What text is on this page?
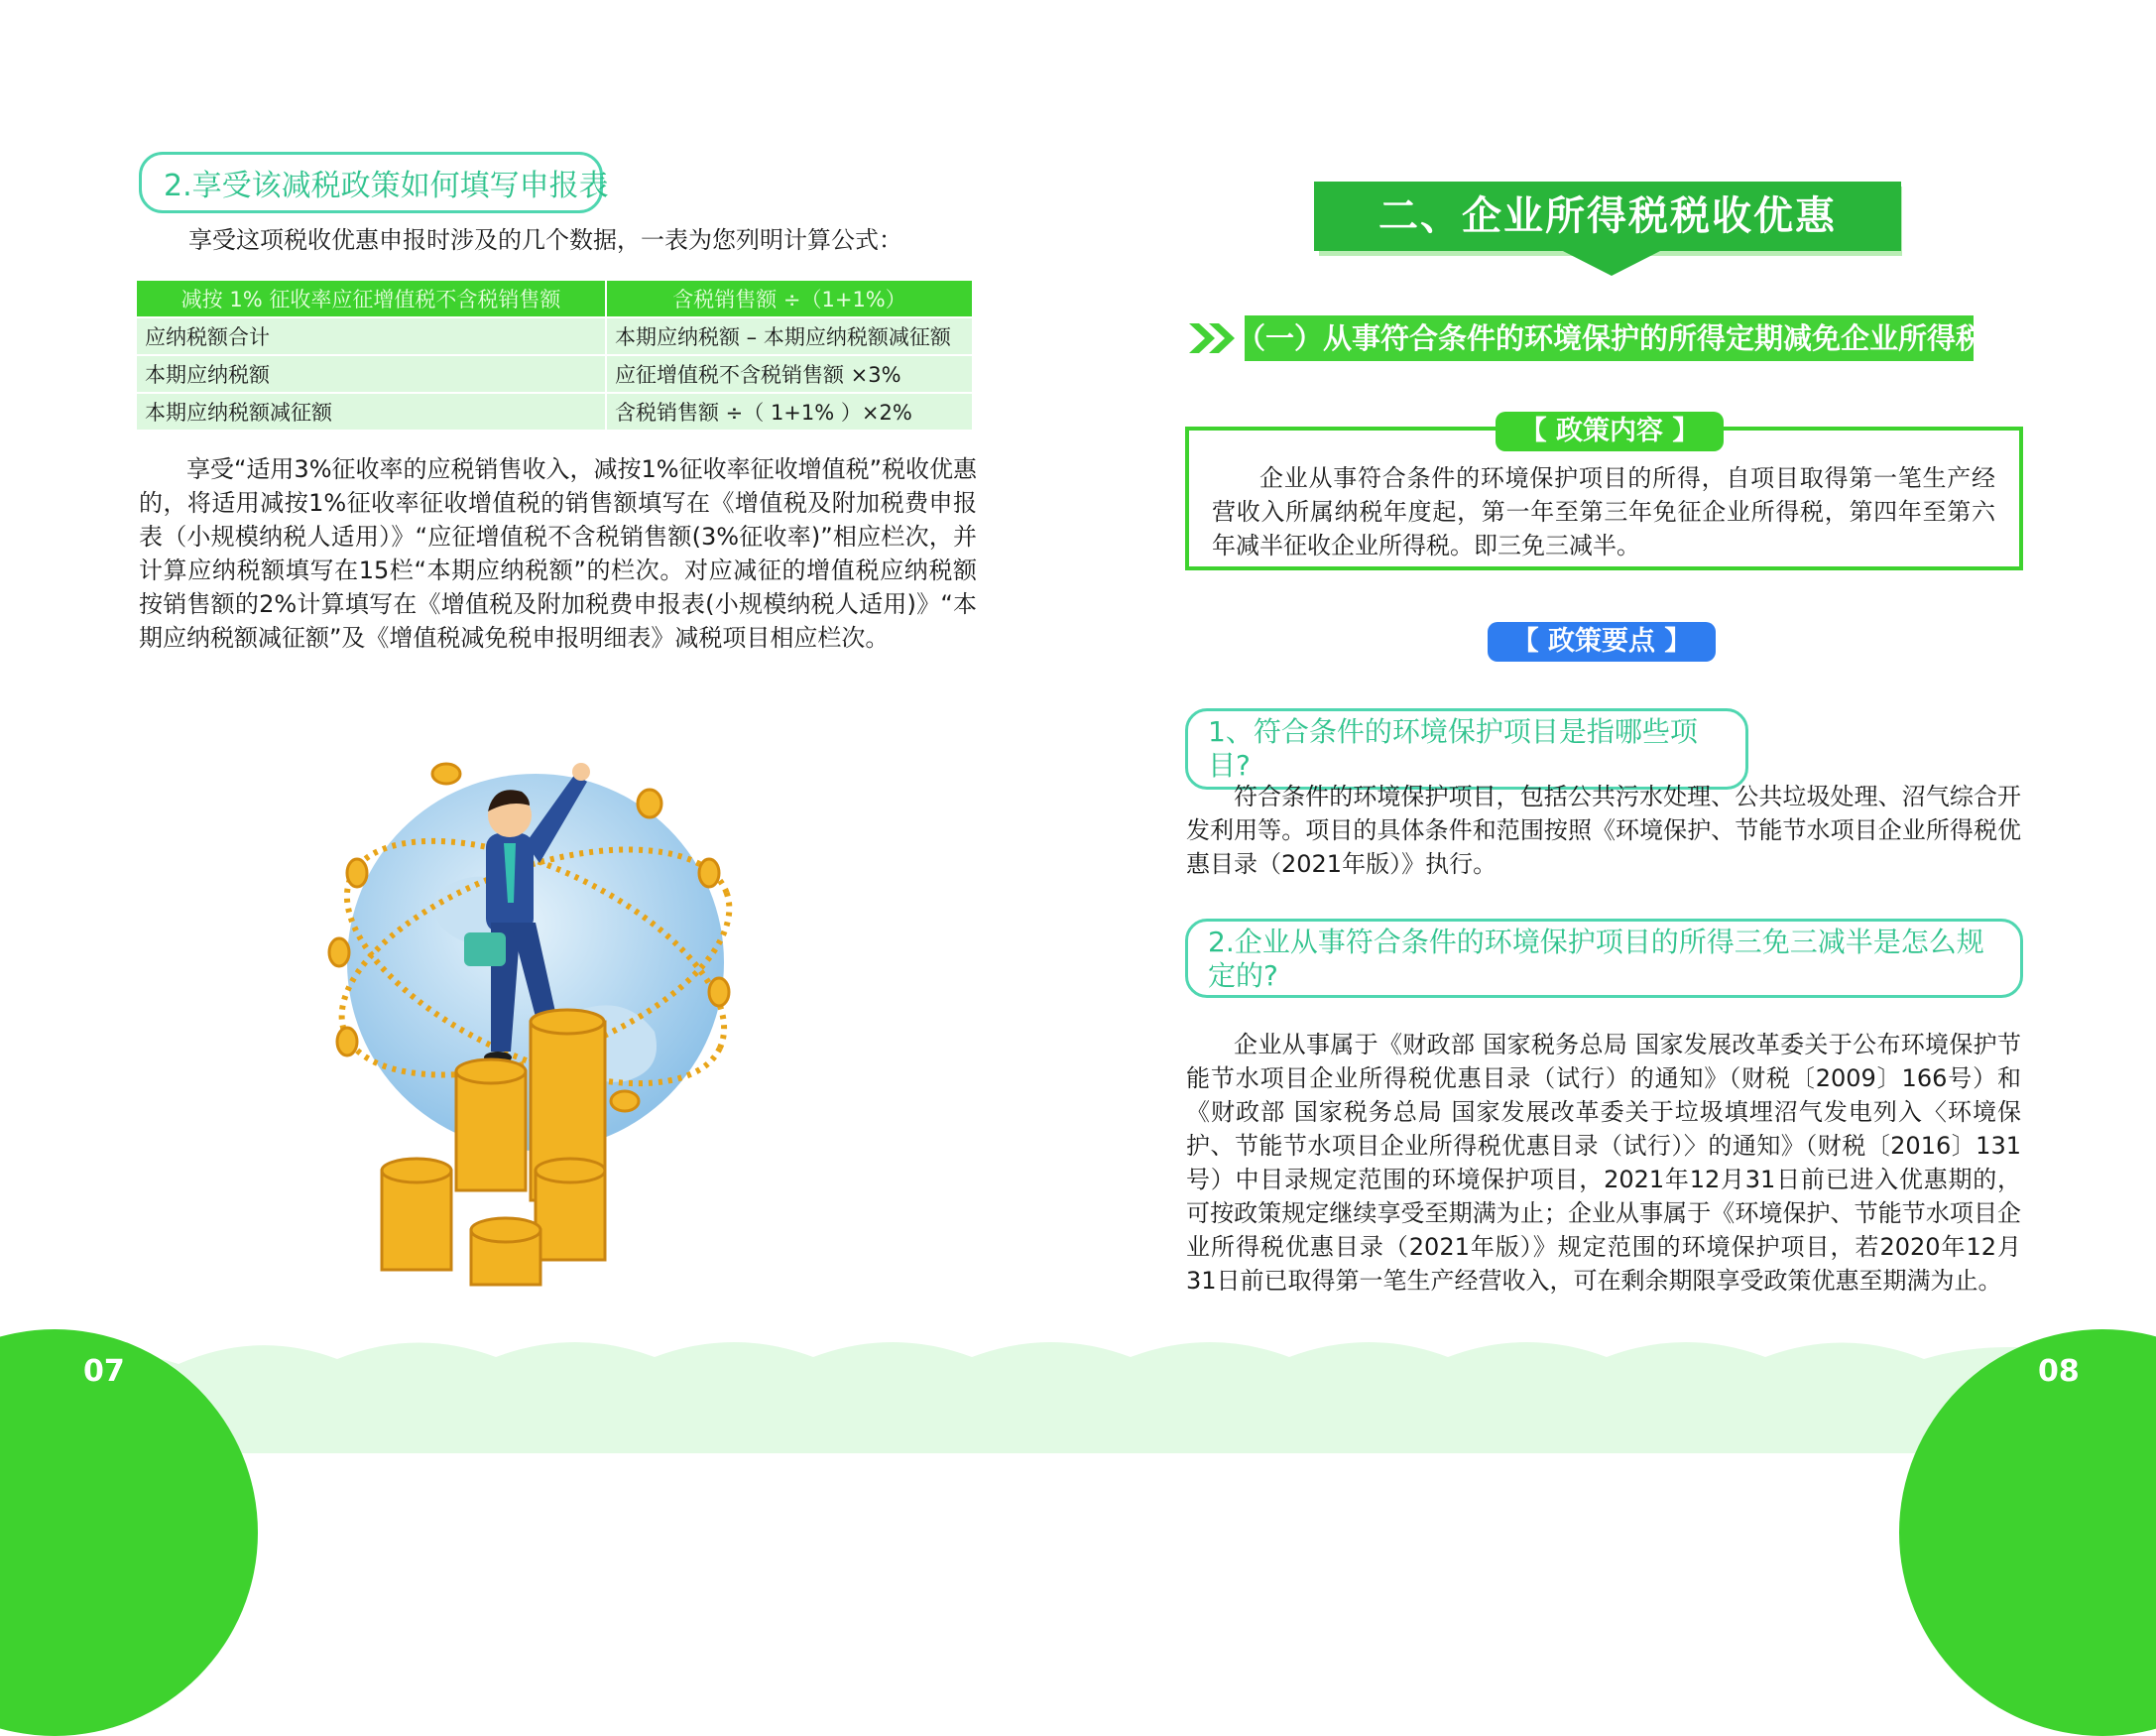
07	08
2.享受该减税政策如何填写申报表
享受这项税收优惠申报时涉及的几个数据，一表为您列明计算公式：
减按 1% 征收率应征增值税不含税销售额	含税销售额 ÷（1+1%）
应纳税额合计	本期应纳税额 – 本期应纳税额减征额
本期应纳税额	应征增值税不含税销售额 ×3%
本期应纳税额减征额	含税销售额 ÷（ 1+1% ）×2%
享受“适用3%征收率的应税销售收入，减按1%征收率征收增值税”税收优惠的，将适用减按1%征收率征收增值税的销售额填写在《增值税及附加税费申报表（小规模纳税人适用）》“应征增值税不含税销售额(3%征收率)”相应栏次，并计算应纳税额填写在15栏“本期应纳税额”的栏次。对应减征的增值税应纳税额按销售额的2%计算填写在《增值税及附加税费申报表(小规模纳税人适用)》“本期应纳税额减征额”及《增值税减免税申报明细表》减税项目相应栏次。
二、企业所得税税收优惠
（一）从事符合条件的环境保护的所得定期减免企业所得税
【 政策内容 】
企业从事符合条件的环境保护项目的所得，自项目取得第一笔生产经营收入所属纳税年度起，第一年至第三年免征企业所得税，第四年至第六年减半征收企业所得税。即三免三减半。
【 政策要点 】
1、符合条件的环境保护项目是指哪些项目?
符合条件的环境保护项目，包括公共污水处理、公共垃圾处理、沼气综合开发利用等。项目的具体条件和范围按照《环境保护、节能节水项目企业所得税优惠目录（2021年版）》执行。
2.企业从事符合条件的环境保护项目的所得三免三减半是怎么规定的?
企业从事属于《财政部 国家税务总局 国家发展改革委关于公布环境保护节能节水项目企业所得税优惠目录（试行）的通知》（财税〔2009〕166号）和《财政部 国家税务总局 国家发展改革委关于垃圾填埋沼气发电列入〈环境保护、节能节水项目企业所得税优惠目录（试行）〉的通知》（财税〔2016〕131号）中目录规定范围的环境保护项目，2021年12月31日前已进入优惠期的，可按政策规定继续享受至期满为止；企业从事属于《环境保护、节能节水项目企业所得税优惠目录（2021年版）》规定范围的环境保护项目，若2020年12月31日前已取得第一笔生产经营收入，可在剩余期限享受政策优惠至期满为止。
